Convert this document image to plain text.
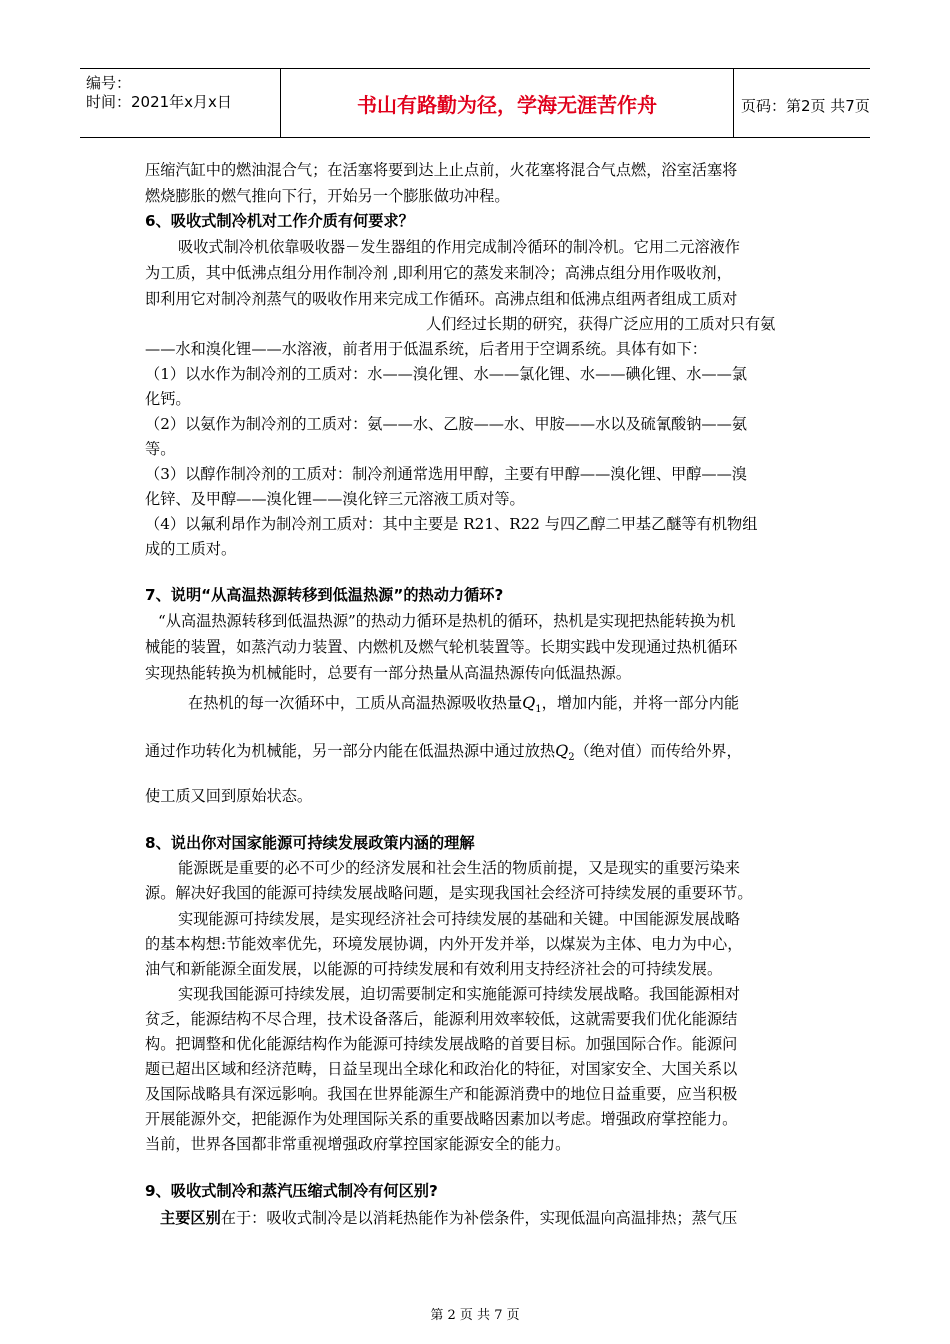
编号：
时间：2021年x月x日	书山有路勤为径，学海无涯苦作舟	页码：第2页 共7页
压缩汽缸中的燃油混合气；在活塞将要到达上止点前，火花塞将混合气点燃，浴室活塞将
燃烧膨胀的燃气推向下行，开始另一个膨胀做功冲程。
6、吸收式制冷机对工作介质有何要求？
吸收式制冷机依靠吸收器－发生器组的作用完成制冷循环的制冷机。它用二元溶液作
为工质，其中低沸点组分用作制冷剂 ,即利用它的蒸发来制冷；高沸点组分用作吸收剂，
即利用它对制冷剂蒸气的吸收作用来完成工作循环。高沸点组和低沸点组两者组成工质对
人们经过长期的研究，获得广泛应用的工质对只有氨
——水和溴化锂——水溶液，前者用于低温系统，后者用于空调系统。具体有如下：
（1）以水作为制冷剂的工质对：水——溴化锂、水——氯化锂、水——碘化锂、水——氯
化钙。
（2）以氨作为制冷剂的工质对：氨——水、乙胺——水、甲胺——水以及硫氰酸钠——氨
等。
（3）以醇作制冷剂的工质对：制冷剂通常选用甲醇，主要有甲醇——溴化锂、甲醇——溴
化锌、及甲醇——溴化锂——溴化锌三元溶液工质对等。
（4）以氟利昂作为制冷剂工质对：其中主要是 R21、R22 与四乙醇二甲基乙醚等有机物组
成的工质对。
7、说明“从高温热源转移到低温热源”的热动力循环?
“从高温热源转移到低温热源”的热动力循环是热机的循环，热机是实现把热能转换为机
械能的装置，如蒸汽动力装置、内燃机及燃气轮机装置等。长期实践中发现通过热机循环
实现热能转换为机械能时，总要有一部分热量从高温热源传向低温热源。
在热机的每一次循环中，工质从高温热源吸收热量$Q_1$，增加内能，并将一部分内能
通过作功转化为机械能，另一部分内能在低温热源中通过放热$Q_2$（绝对值）而传给外界，
使工质又回到原始状态。
8、说出你对国家能源可持续发展政策内涵的理解
能源既是重要的必不可少的经济发展和社会生活的物质前提，又是现实的重要污染来
源。解决好我国的能源可持续发展战略问题，是实现我国社会经济可持续发展的重要环节。
实现能源可持续发展，是实现经济社会可持续发展的基础和关键。中国能源发展战略
的基本构想:节能效率优先，环境发展协调，内外开发并举，以煤炭为主体、电力为中心，
油气和新能源全面发展，以能源的可持续发展和有效利用支持经济社会的可持续发展。
实现我国能源可持续发展，迫切需要制定和实施能源可持续发展战略。我国能源相对
贫乏，能源结构不尽合理，技术设备落后，能源利用效率较低，这就需要我们优化能源结
构。把调整和优化能源结构作为能源可持续发展战略的首要目标。加强国际合作。能源问
题已超出区域和经济范畴，日益呈现出全球化和政治化的特征，对国家安全、大国关系以
及国际战略具有深远影响。我国在世界能源生产和能源消费中的地位日益重要，应当积极
开展能源外交，把能源作为处理国际关系的重要战略因素加以考虑。增强政府掌控能力。
当前，世界各国都非常重视增强政府掌控国家能源安全的能力。
9、吸收式制冷和蒸汽压缩式制冷有何区别?
主要区别在于：吸收式制冷是以消耗热能作为补偿条件，实现低温向高温排热；蒸气压
第 2 页 共 7 页
